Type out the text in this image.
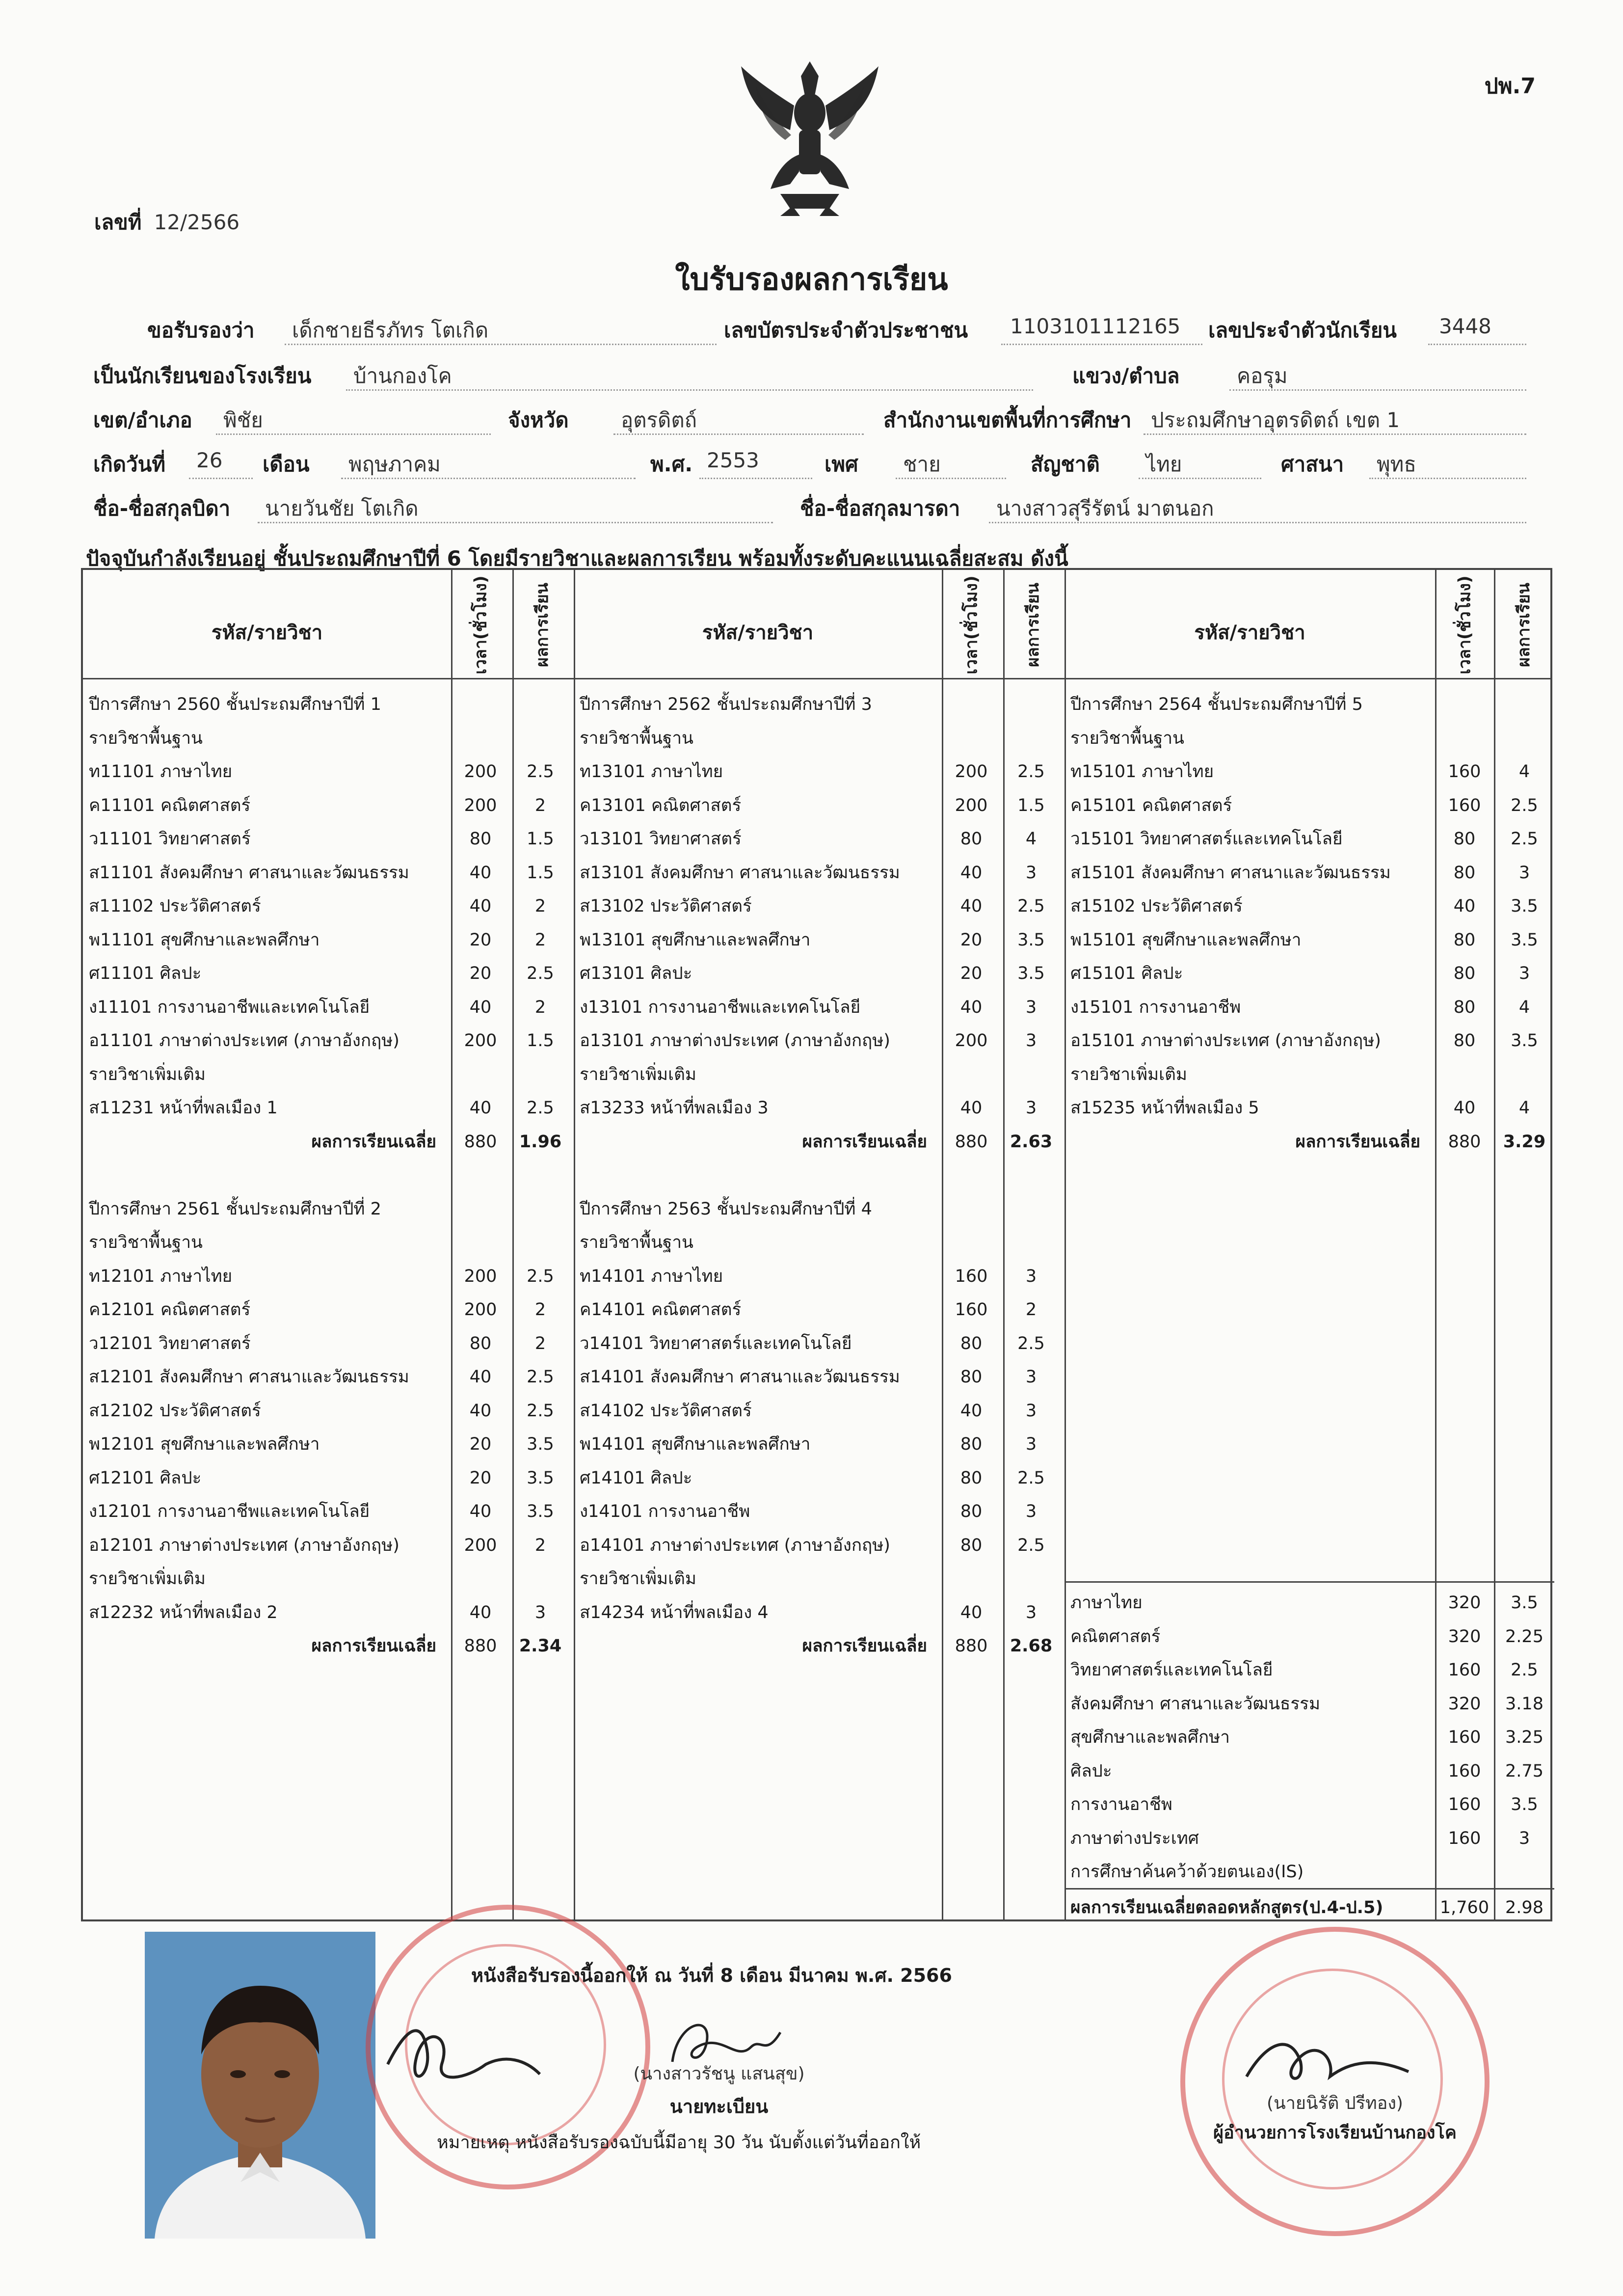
ปพ.7
เลขที่ 12/2566
ใบรับรองผลการเรียน
ขอรับรองว่า เด็กชายธีรภัทร โตเกิด	เลขบัตรประจำตัวประชาชน 1103101112165 เลขประจำตัวนักเรียน 3448
เป็นนักเรียนของโรงเรียน บ้านกองโค	แขวง/ตำบล	คอรุม
เขต/อำเภอ พิชัย	จังหวัด	อุตรดิตถ์	สำนักงานเขตพื้นที่การศึกษา ประถมศึกษาอุตรดิตถ์ เขต 1
เกิดวันที่ 26 เดือน พฤษภาคม	พ.ศ. 2553	เพศ ชาย	สัญชาติ ไทย	ศาสนา พุทธ
ชื่อ-ชื่อสกุลบิดา นายวันชัย โตเกิด	ชื่อ-ชื่อสกุลมารดา นางสาวสุรีรัตน์ มาตนอก
ปัจจุบันกำลังเรียนอยู่ ชั้นประถมศึกษาปีที่ 6 โดยมีรายวิชาและผลการเรียน พร้อมทั้งระดับคะแนนเฉลี่ยสะสม ดังนี้
รหัส/รายวิชา	เวลา(ชั่วโมง) ผลการเรียน	รหัส/รายวิชา	เวลา(ชั่วโมง) ผลการเรียน	รหัส/รายวิชา	เวลา(ชั่วโมง) ผลการเรียน
ปีการศึกษา 2560 ชั้นประถมศึกษาปีที่ 1
รายวิชาพื้นฐาน
ท11101 ภาษาไทย	200	2.5
ค11101 คณิตศาสตร์	200	2
ว11101 วิทยาศาสตร์	80	1.5
ส11101 สังคมศึกษา ศาสนาและวัฒนธรรม	40	1.5
ส11102 ประวัติศาสตร์	40	2
พ11101 สุขศึกษาและพลศึกษา	20	2
ศ11101 ศิลปะ	20	2.5
ง11101 การงานอาชีพและเทคโนโลยี	40	2
อ11101 ภาษาต่างประเทศ (ภาษาอังกฤษ)	200	1.5
รายวิชาเพิ่มเติม
ส11231 หน้าที่พลเมือง 1	40	2.5
ผลการเรียนเฉลี่ย	880	1.96
ปีการศึกษา 2561 ชั้นประถมศึกษาปีที่ 2
รายวิชาพื้นฐาน
ท12101 ภาษาไทย	200	2.5
ค12101 คณิตศาสตร์	200	2
ว12101 วิทยาศาสตร์	80	2
ส12101 สังคมศึกษา ศาสนาและวัฒนธรรม	40	2.5
ส12102 ประวัติศาสตร์	40	2.5
พ12101 สุขศึกษาและพลศึกษา	20	3.5
ศ12101 ศิลปะ	20	3.5
ง12101 การงานอาชีพและเทคโนโลยี	40	3.5
อ12101 ภาษาต่างประเทศ (ภาษาอังกฤษ)	200	2
รายวิชาเพิ่มเติม
ส12232 หน้าที่พลเมือง 2	40	3
ผลการเรียนเฉลี่ย	880	2.34
ปีการศึกษา 2562 ชั้นประถมศึกษาปีที่ 3
รายวิชาพื้นฐาน
ท13101 ภาษาไทย	200	2.5
ค13101 คณิตศาสตร์	200	1.5
ว13101 วิทยาศาสตร์	80	4
ส13101 สังคมศึกษา ศาสนาและวัฒนธรรม	40	3
ส13102 ประวัติศาสตร์	40	2.5
พ13101 สุขศึกษาและพลศึกษา	20	3.5
ศ13101 ศิลปะ	20	3.5
ง13101 การงานอาชีพและเทคโนโลยี	40	3
อ13101 ภาษาต่างประเทศ (ภาษาอังกฤษ)	200	3
รายวิชาเพิ่มเติม
ส13233 หน้าที่พลเมือง 3	40	3
ผลการเรียนเฉลี่ย	880	2.63
ปีการศึกษา 2563 ชั้นประถมศึกษาปีที่ 4
รายวิชาพื้นฐาน
ท14101 ภาษาไทย	160	3
ค14101 คณิตศาสตร์	160	2
ว14101 วิทยาศาสตร์และเทคโนโลยี	80	2.5
ส14101 สังคมศึกษา ศาสนาและวัฒนธรรม	80	3
ส14102 ประวัติศาสตร์	40	3
พ14101 สุขศึกษาและพลศึกษา	80	3
ศ14101 ศิลปะ	80	2.5
ง14101 การงานอาชีพ	80	3
อ14101 ภาษาต่างประเทศ (ภาษาอังกฤษ)	80	2.5
รายวิชาเพิ่มเติม
ส14234 หน้าที่พลเมือง 4	40	3
ผลการเรียนเฉลี่ย	880	2.68
ปีการศึกษา 2564 ชั้นประถมศึกษาปีที่ 5
รายวิชาพื้นฐาน
ท15101 ภาษาไทย	160	4
ค15101 คณิตศาสตร์	160	2.5
ว15101 วิทยาศาสตร์และเทคโนโลยี	80	2.5
ส15101 สังคมศึกษา ศาสนาและวัฒนธรรม	80	3
ส15102 ประวัติศาสตร์	40	3.5
พ15101 สุขศึกษาและพลศึกษา	80	3.5
ศ15101 ศิลปะ	80	3
ง15101 การงานอาชีพ	80	4
อ15101 ภาษาต่างประเทศ (ภาษาอังกฤษ)	80	3.5
รายวิชาเพิ่มเติม
ส15235 หน้าที่พลเมือง 5	40	4
ผลการเรียนเฉลี่ย	880	3.29
ภาษาไทย	320	3.5
คณิตศาสตร์	320	2.25
วิทยาศาสตร์และเทคโนโลยี	160	2.5
สังคมศึกษา ศาสนาและวัฒนธรรม	320	3.18
สุขศึกษาและพลศึกษา	160	3.25
ศิลปะ	160	2.75
การงานอาชีพ	160	3.5
ภาษาต่างประเทศ	160	3
การศึกษาค้นคว้าด้วยตนเอง(IS)
ผลการเรียนเฉลี่ยตลอดหลักสูตร(ป.4-ป.5)	1,760 2.98
หนังสือรับรองนี้ออกให้ ณ วันที่ 8 เดือน มีนาคม พ.ศ. 2566
(นางสาวรัชนู แสนสุข)
นายทะเบียน
หมายเหตุ หนังสือรับรองฉบับนี้มีอายุ 30 วัน นับตั้งแต่วันที่ออกให้
(นายนิรัติ ปรีทอง)
ผู้อำนวยการโรงเรียนบ้านกองโค
